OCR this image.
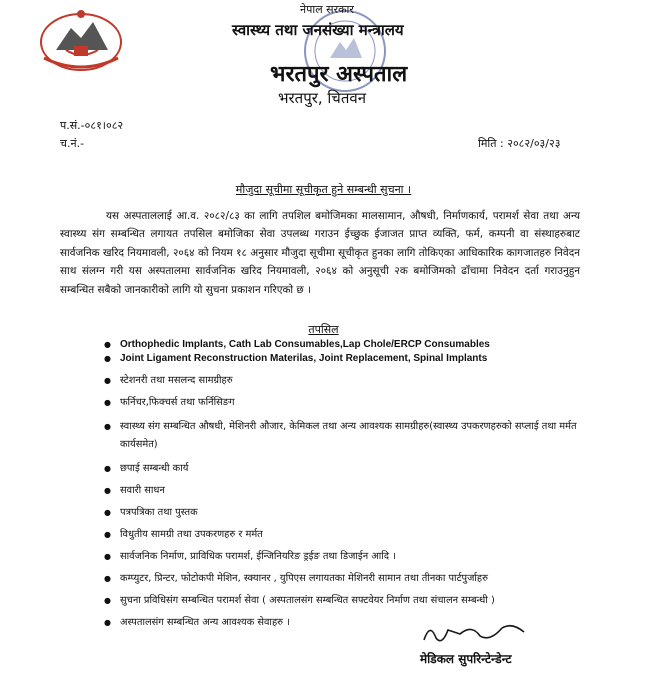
नेपाल सरकार
स्वास्थ्य तथा जनसंख्या मन्त्रालय
भरतपुर अस्पताल
भरतपुर, चितवन
प.सं.-०८१।०८२
च.नं.-	मिति : २०८२/०३/२३
मौजुदा सूचीमा सूचीकृत हुने सम्बन्धी सुचना ।
यस अस्पताललाई आ.व. २०८२/८३ का लागि तपशिल बमोजिमका मालसामान, औषधी, निर्माणकार्य, परामर्श सेवा तथा अन्य स्वास्थ्य संग सम्बन्धित लगायत तपसिल बमोजिका सेवा उपलब्ध गराउन ईच्छुक ईजाजत प्राप्त व्यक्ति, फर्म, कम्पनी वा संस्थाहरुबाट सार्वजनिक खरिद नियमावली, २०६४ को नियम १८ अनुसार मौजुदा सूचीमा सूचीकृत हुनका लागि तोकिएका आधिकारिक कागजातहरु निवेदन साथ संलग्न गरी यस अस्पतालमा सार्वजनिक खरिद नियमावली, २०६४ को अनुसूची २क बमोजिमको ढाँचामा निवेदन दर्ता गराउनुहुन सम्बन्धित सबैको जानकारीको लागि यो सुचना प्रकाशन गरिएको छ ।
तपसिल
● Orthophedic Implants, Cath Lab Consumables,Lap Chole/ERCP Consumables
● Joint Ligament Reconstruction Materilas, Joint Replacement, Spinal Implants
● स्टेशनरी तथा मसलन्द सामग्रीहरु
● फर्निचर,फिक्चर्स तथा फर्निसिङग
● स्वास्थ्य संग सम्बन्धित औषधी, मेशिनरी औजार, केमिकल तथा अन्य आवश्यक सामग्रीहरु(स्वास्थ्य उपकरणहरुको सप्लाई तथा मर्मत कार्यसमेत)
● छपाई सम्बन्धी कार्य
● सवारी साधन
● पत्रपत्रिका तथा पुस्तक
● विधुतीय सामग्री तथा उपकरणहरु र मर्मत
● सार्वजनिक निर्माण, प्राविधिक परामर्श, ईन्जिनियरिङ ड्रईङ तथा डिजाईन आदि ।
● कम्प्युटर, प्रिन्टर, फोटोकपी मेशिन, स्क्यानर , युपिएस लगायतका मेशिनरी सामान तथा तीनका पार्टपुर्जाहरु
● सुचना प्रविधिसंग सम्बन्धित परामर्श सेवा ( अस्पतालसंग सम्बन्धित सफ्टवेयर निर्माण तथा संचालन सम्बन्धी )
● अस्पतालसंग सम्बन्धित अन्य आवश्यक सेवाहरु ।
मेडिकल सुपरिन्टेन्डेन्ट
